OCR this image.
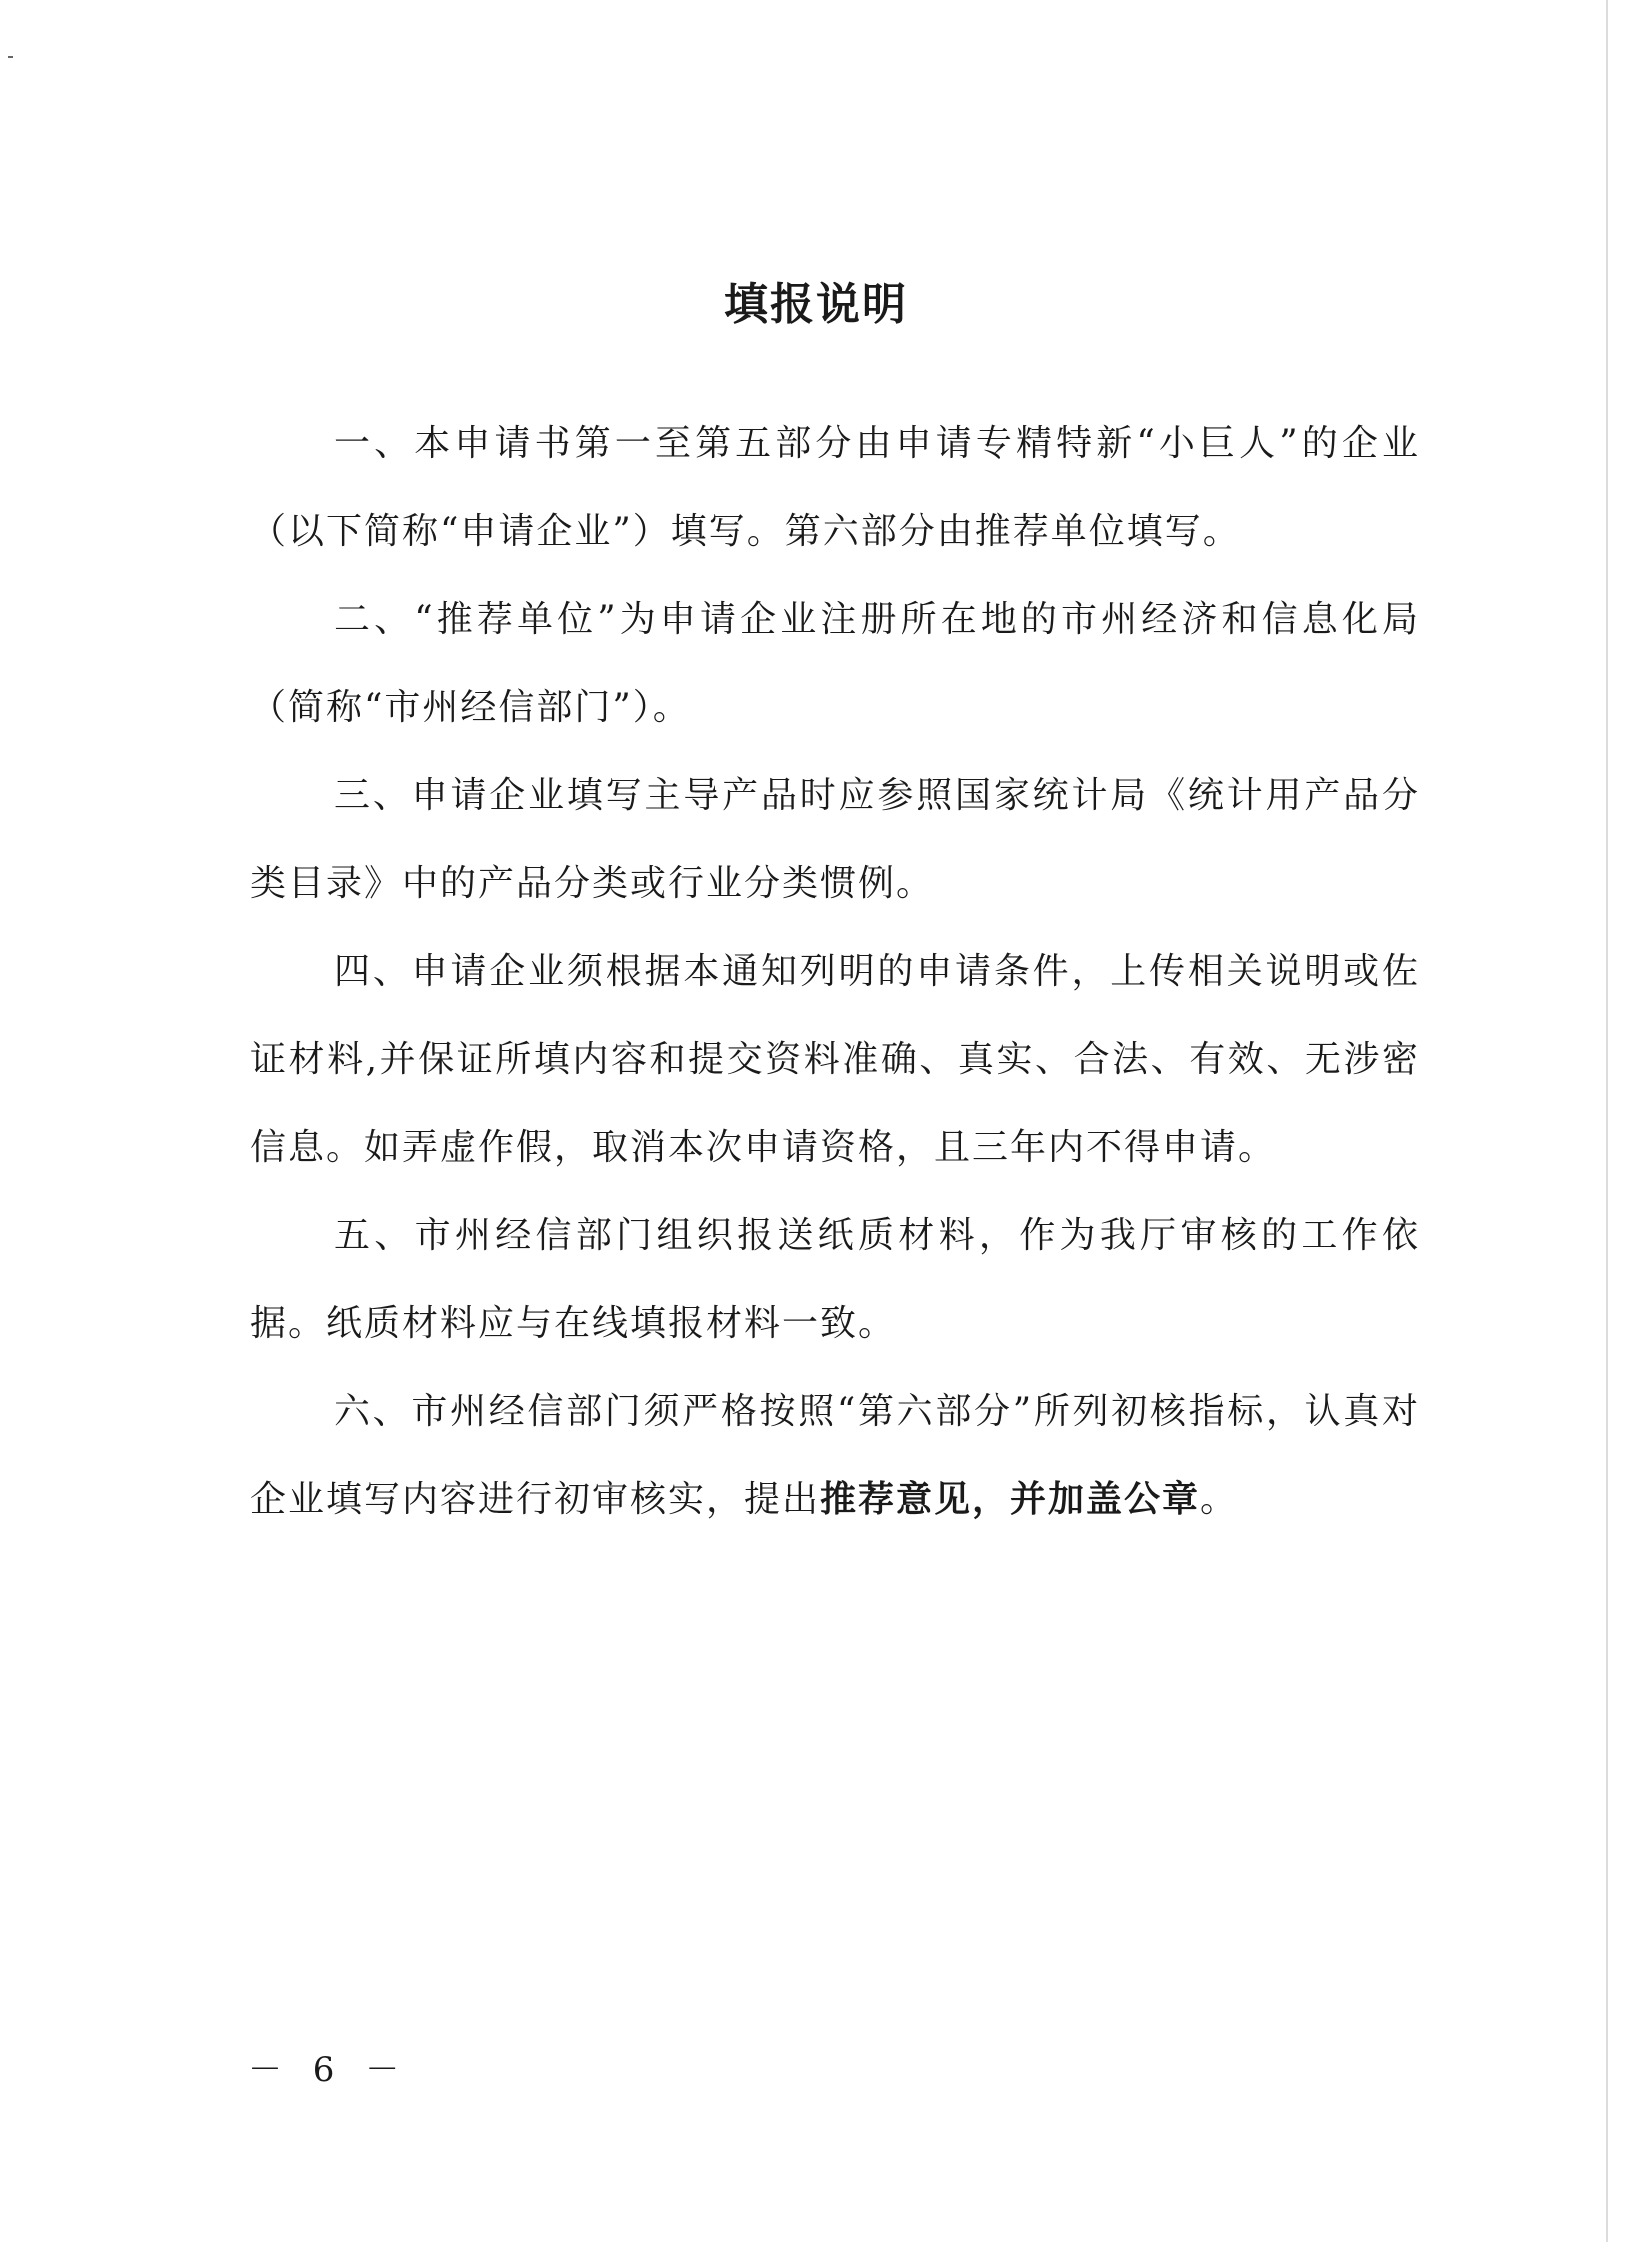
填报说明

一、本申请书第一至第五部分由申请专精特新“小巨人”的企业（以下简称“申请企业”）填写。第六部分由推荐单位填写。

二、“推荐单位”为申请企业注册所在地的市州经济和信息化局（简称“市州经信部门”）。

三、申请企业填写主导产品时应参照国家统计局《统计用产品分类目录》中的产品分类或行业分类惯例。

四、申请企业须根据本通知列明的申请条件，上传相关说明或佐证材料,并保证所填内容和提交资料准确、真实、合法、有效、无涉密信息。如弄虚作假，取消本次申请资格，且三年内不得申请。

五、市州经信部门组织报送纸质材料，作为我厅审核的工作依据。纸质材料应与在线填报材料一致。

六、市州经信部门须严格按照“第六部分”所列初核指标，认真对企业填写内容进行初审核实，提出推荐意见，并加盖公章。

－ 6 －
